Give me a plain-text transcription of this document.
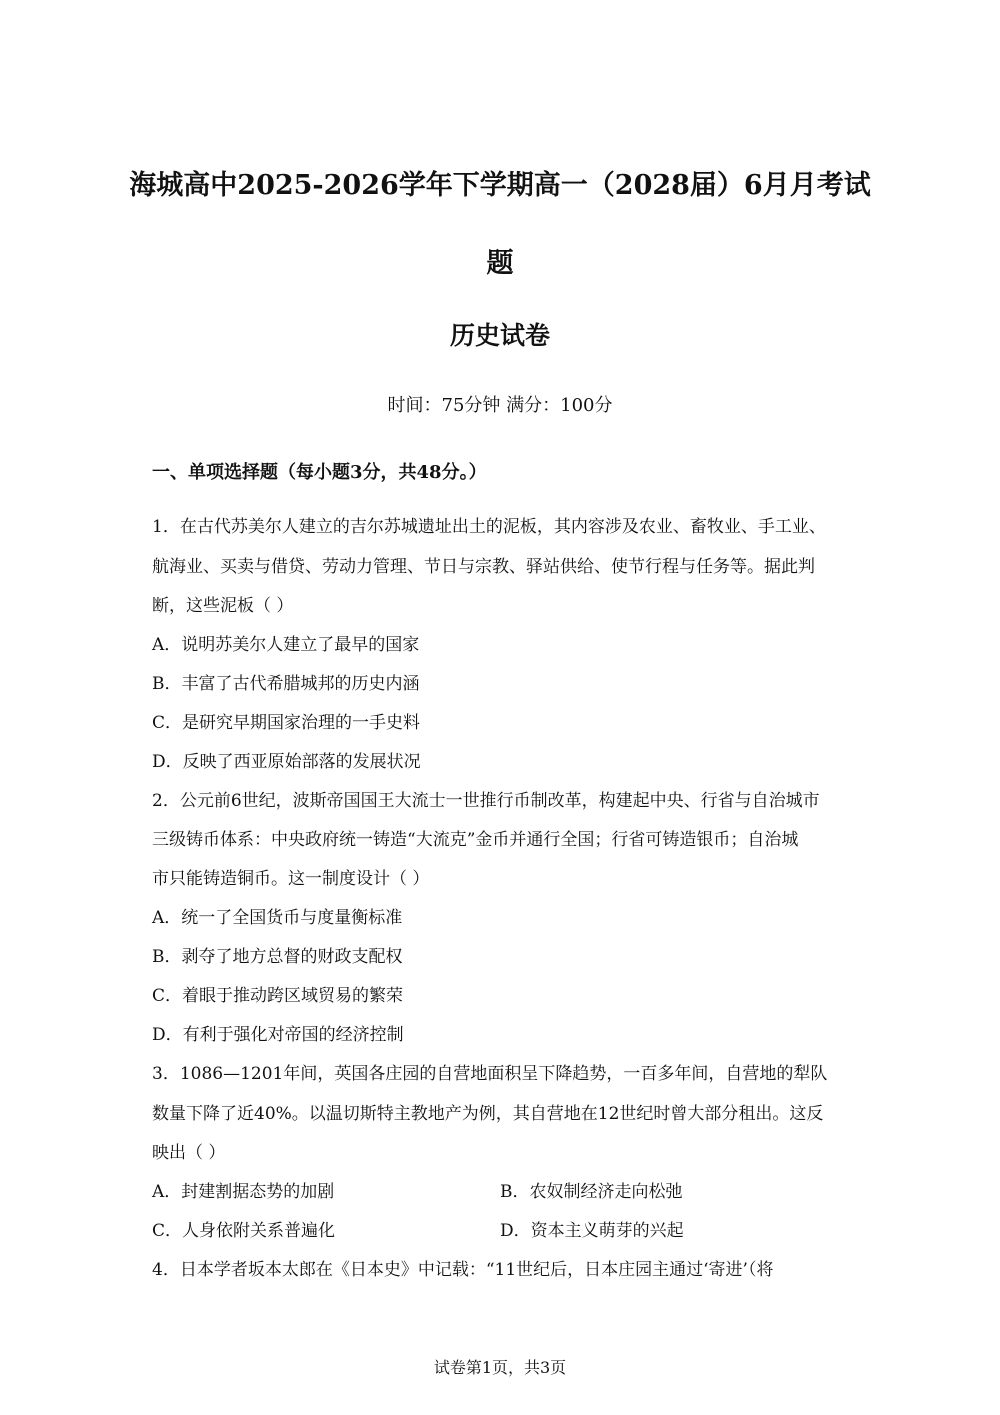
海城高中2025-2026学年下学期高一（2028届）6月月考试
题
历史试卷
时间：75分钟 满分：100分
一、单项选择题（每小题3分，共48分。）
1．在古代苏美尔人建立的吉尔苏城遗址出土的泥板，其内容涉及农业、畜牧业、手工业、
航海业、买卖与借贷、劳动力管理、节日与宗教、驿站供给、使节行程与任务等。据此判
断，这些泥板（ ）
A．说明苏美尔人建立了最早的国家
B．丰富了古代希腊城邦的历史内涵
C．是研究早期国家治理的一手史料
D．反映了西亚原始部落的发展状况
2．公元前6世纪，波斯帝国国王大流士一世推行币制改革，构建起中央、行省与自治城市
三级铸币体系：中央政府统一铸造“大流克”金币并通行全国；行省可铸造银币；自治城
市只能铸造铜币。这一制度设计（ ）
A．统一了全国货币与度量衡标准
B．剥夺了地方总督的财政支配权
C．着眼于推动跨区域贸易的繁荣
D．有利于强化对帝国的经济控制
3．1086—1201年间，英国各庄园的自营地面积呈下降趋势，一百多年间，自营地的犁队
数量下降了近40%。以温切斯特主教地产为例，其自营地在12世纪时曾大部分租出。这反
映出（ ）
A．封建割据态势的加剧	B．农奴制经济走向松弛
C．人身依附关系普遍化	D．资本主义萌芽的兴起
4．日本学者坂本太郎在《日本史》中记载：“11世纪后，日本庄园主通过‘寄进’（将
试卷第1页，共3页
